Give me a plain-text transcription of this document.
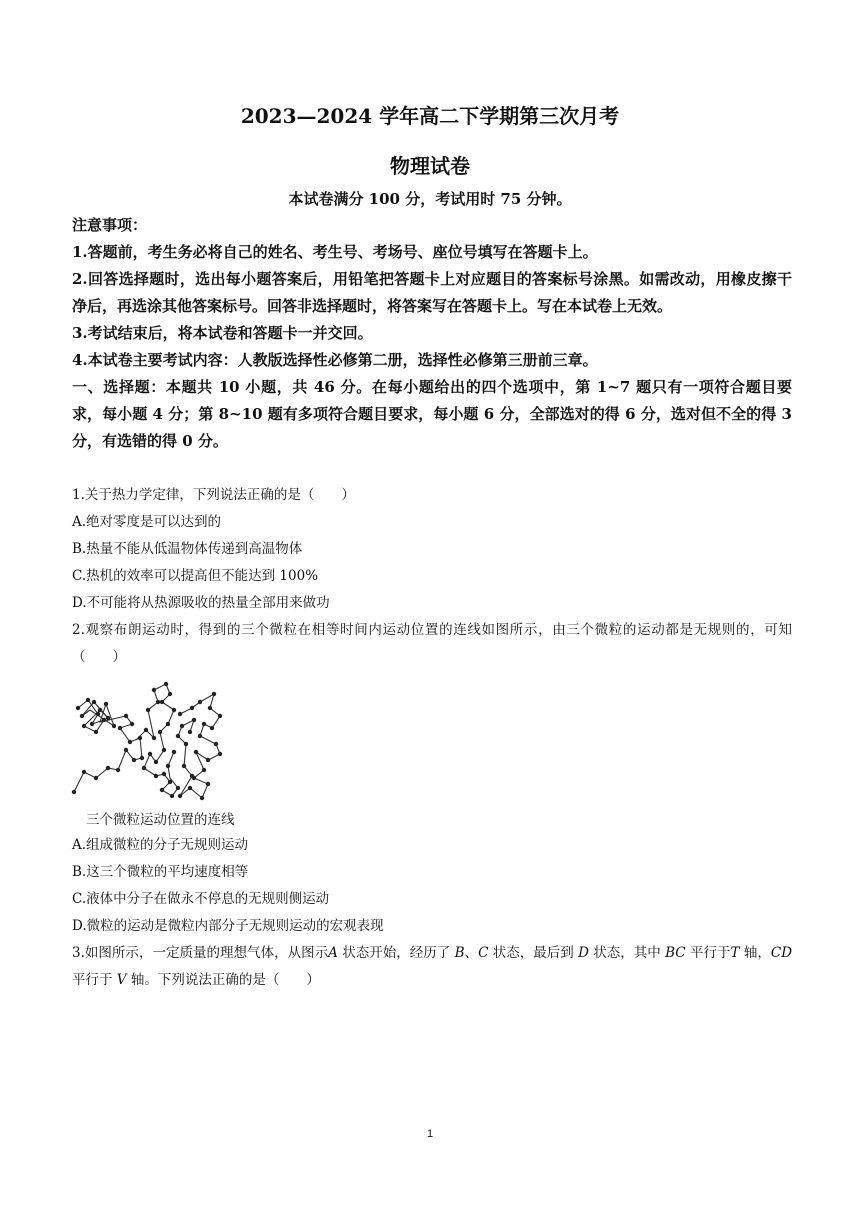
2023—2024 学年高二下学期第三次月考
物理试卷
本试卷满分 100 分，考试用时 75 分钟。
注意事项：
1.答题前，考生务必将自己的姓名、考生号、考场号、座位号填写在答题卡上。
2.回答选择题时，选出每小题答案后，用铅笔把答题卡上对应题目的答案标号涂黑。如需改动，用橡皮擦干净后，再选涂其他答案标号。回答非选择题时，将答案写在答题卡上。写在本试卷上无效。
3.考试结束后，将本试卷和答题卡一并交回。
4.本试卷主要考试内容：人教版选择性必修第二册，选择性必修第三册前三章。
一、选择题：本题共 10 小题，共 46 分。在每小题给出的四个选项中，第 1~7 题只有一项符合题目要求，每小题 4 分；第 8~10 题有多项符合题目要求，每小题 6 分，全部选对的得 6 分，选对但不全的得 3 分，有选错的得 0 分。
1.关于热力学定律，下列说法正确的是（　　）
A.绝对零度是可以达到的
B.热量不能从低温物体传递到高温物体
C.热机的效率可以提高但不能达到 100%
D.不可能将从热源吸收的热量全部用来做功
2.观察布朗运动时，得到的三个微粒在相等时间内运动位置的连线如图所示，由三个微粒的运动都是无规则的，可知（　　）
三个微粒运动位置的连线
A.组成微粒的分子无规则运动
B.这三个微粒的平均速度相等
C.液体中分子在做永不停息的无规则侧运动
D.微粒的运动是微粒内部分子无规则运动的宏观表现
3.如图所示，一定质量的理想气体，从图示A 状态开始，经历了 B、C 状态，最后到 D 状态，其中 BC 平行于T 轴，CD 平行于 V 轴。下列说法正确的是（　　）
1
